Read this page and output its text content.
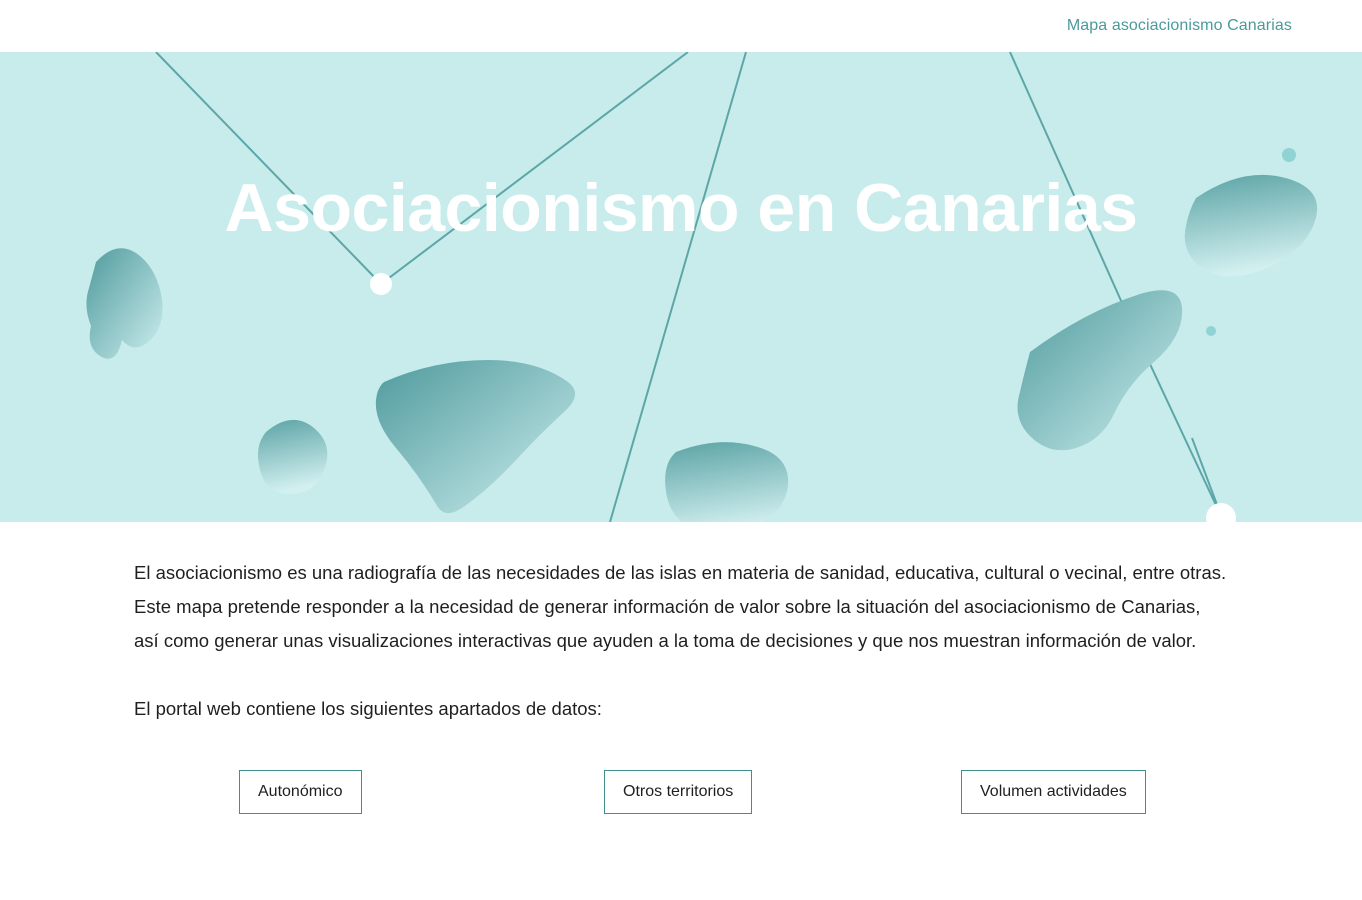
Mapa asociacionismo Canarias
Asociacionismo en Canarias

El asociacionismo es una radiografía de las necesidades de las islas en materia de sanidad, educativa, cultural o vecinal, entre otras. Este mapa pretende responder a la necesidad de generar información de valor sobre la situación del asociacionismo de Canarias, así como generar unas visualizaciones interactivas que ayuden a la toma de decisiones y que nos muestran información de valor.

El portal web contiene los siguientes apartados de datos:

Autonómico	Otros territorios	Volumen actividades
